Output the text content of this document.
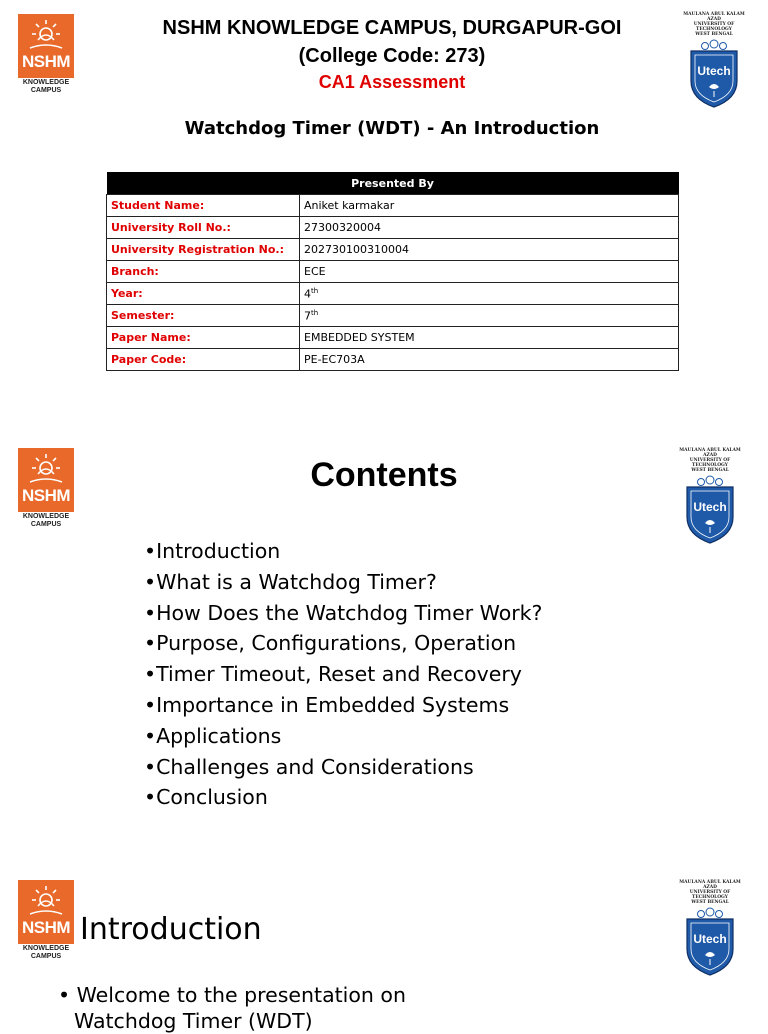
NSHM
KNOWLEDGE
CAMPUS
NSHM KNOWLEDGE CAMPUS, DURGAPUR-GOI
(College Code: 273)
CA1 Assessment
MAULANA ABUL KALAM AZAD
UNIVERSITY OF TECHNOLOGY
WEST BENGAL
Utech
Watchdog Timer (WDT) - An Introduction
Presented By	
Student Name:	Aniket karmakar
University Roll No.:	27300320004
University Registration No.:	202730100310004
Branch:	ECE
Year:	4th
Semester:	7th
Paper Name:	EMBEDDED SYSTEM
Paper Code:	PE-EC703A
NSHM
KNOWLEDGE
CAMPUS
Contents
MAULANA ABUL KALAM AZAD
UNIVERSITY OF TECHNOLOGY
WEST BENGAL
Utech
•Introduction
•What is a Watchdog Timer?
•How Does the Watchdog Timer Work?
•Purpose, Configurations, Operation
•Timer Timeout, Reset and Recovery
•Importance in Embedded Systems
•Applications
•Challenges and Considerations
•Conclusion
NSHM
KNOWLEDGE
CAMPUS
Introduction
MAULANA ABUL KALAM AZAD
UNIVERSITY OF TECHNOLOGY
WEST BENGAL
Utech
• Welcome to the presentation on
Watchdog Timer (WDT)
